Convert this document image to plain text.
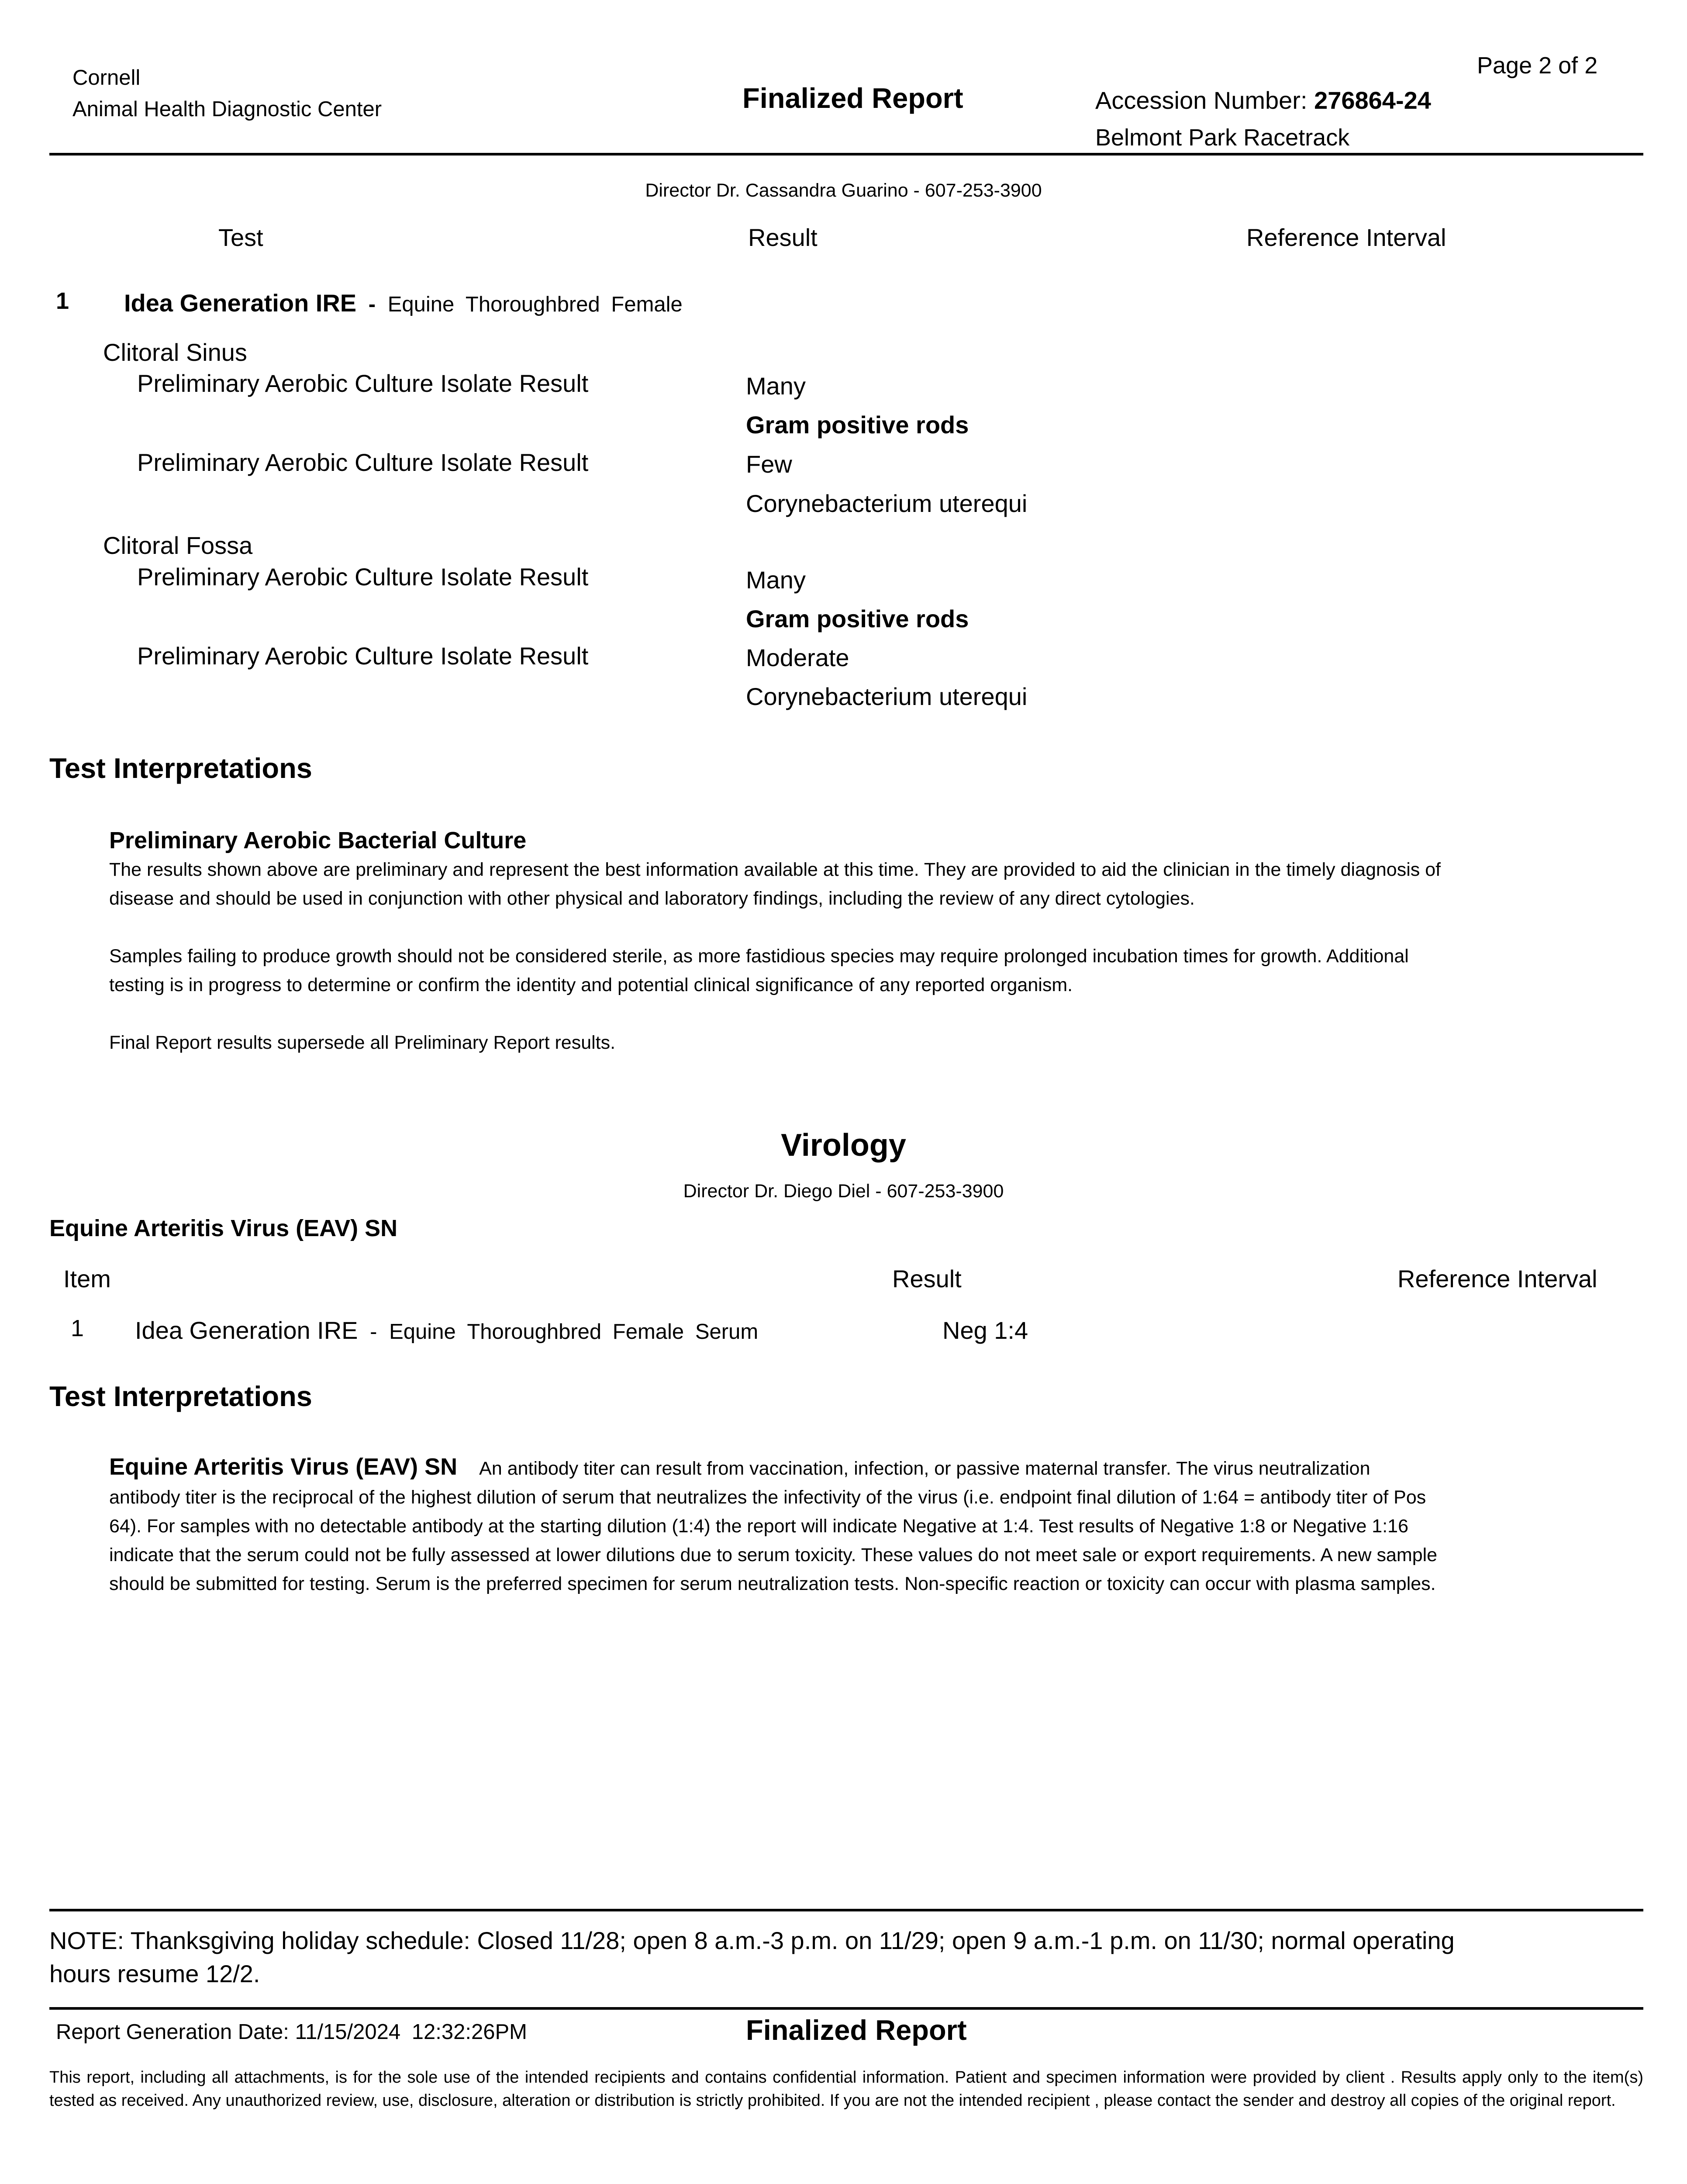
Cornell
Animal Health Diagnostic Center	Finalized Report	Accession Number: 276864-24
Belmont Park Racetrack
Page 2 of 2
Director Dr. Cassandra Guarino - 607-253-3900
Test	Result	Reference Interval
1 Idea Generation IRE - Equine Thoroughbred Female
Clitoral Sinus
Preliminary Aerobic Culture Isolate Result	Many
Gram positive rods
Preliminary Aerobic Culture Isolate Result	Few
Corynebacterium uterequi
Clitoral Fossa
Preliminary Aerobic Culture Isolate Result	Many
Gram positive rods
Preliminary Aerobic Culture Isolate Result	Moderate
Corynebacterium uterequi
Test Interpretations
Preliminary Aerobic Bacterial Culture

The results shown above are preliminary and represent the best information available at this time. They are provided to aid the clinician in the timely diagnosis of disease and should be used in conjunction with other physical and laboratory findings, including the review of any direct cytologies.

Samples failing to produce growth should not be considered sterile, as more fastidious species may require prolonged incubation times for growth. Additional testing is in progress to determine or confirm the identity and potential clinical significance of any reported organism.

Final Report results supersede all Preliminary Report results.

Virology
Director Dr. Diego Diel - 607-253-3900
Equine Arteritis Virus (EAV) SN
Item	Result	Reference Interval
1 Idea Generation IRE - Equine Thoroughbred Female Serum	Neg 1:4
Test Interpretations
Equine Arteritis Virus (EAV) SN An antibody titer can result from vaccination, infection, or passive maternal transfer. The virus neutralization antibody titer is the reciprocal of the highest dilution of serum that neutralizes the infectivity of the virus (i.e. endpoint final dilution of 1:64 = antibody titer of Pos 64). For samples with no detectable antibody at the starting dilution (1:4) the report will indicate Negative at 1:4. Test results of Negative 1:8 or Negative 1:16 indicate that the serum could not be fully assessed at lower dilutions due to serum toxicity. These values do not meet sale or export requirements. A new sample should be submitted for testing. Serum is the preferred specimen for serum neutralization tests. Non-specific reaction or toxicity can occur with plasma samples.
NOTE: Thanksgiving holiday schedule: Closed 11/28; open 8 a.m.-3 p.m. on 11/29; open 9 a.m.-1 p.m. on 11/30; normal operating hours resume 12/2.
Report Generation Date: 11/15/2024 12:32:26PM	Finalized Report
This report, including all attachments, is for the sole use of the intended recipients and contains confidential information. Patient and specimen information were provided by client . Results apply only to the item(s) tested as received. Any unauthorized review, use, disclosure, alteration or distribution is strictly prohibited. If you are not the intended recipient , please contact the sender and destroy all copies of the original report.
